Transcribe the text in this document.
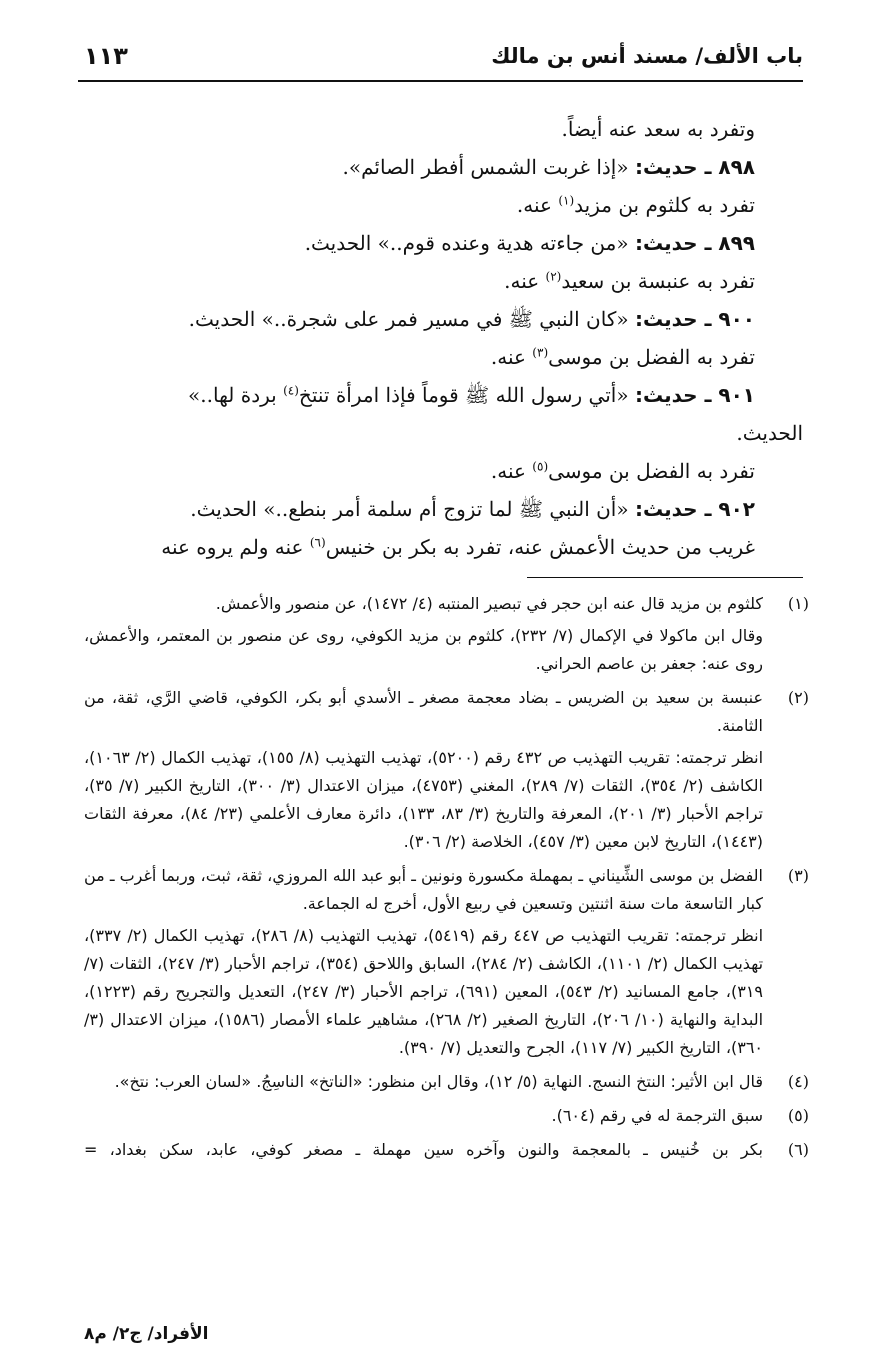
باب الألف/ مسند أنس بن مالك
١١٣
وتفرد به سعد عنه أيضاً.
٨٩٨ ـ حديث: «إذا غربت الشمس أفطر الصائم».
تفرد به كلثوم بن مزيد$^{(١)}$ عنه.
٨٩٩ ـ حديث: «من جاءته هدية وعنده قوم..» الحديث.
تفرد به عنبسة بن سعيد$^{(٢)}$ عنه.
٩٠٠ ـ حديث: «كان النبي ﷺ في مسير فمر على شجرة..» الحديث.
تفرد به الفضل بن موسى$^{(٣)}$ عنه.
٩٠١ ـ حديث: «أتي رسول الله ﷺ قوماً فإذا امرأة تنتخ$^{(٤)}$ بردة لها..»
الحديث.
تفرد به الفضل بن موسى$^{(٥)}$ عنه.
٩٠٢ ـ حديث: «أن النبي ﷺ لما تزوج أم سلمة أمر بنطع..» الحديث.
غريب من حديث الأعمش عنه، تفرد به بكر بن خنيس$^{(٦)}$ عنه ولم يروه عنه
(١)

كلثوم بن مزيد قال عنه ابن حجر في تبصير المنتبه (٤/ ١٤٧٢)، عن منصور والأعمش.

وقال ابن ماكولا في الإكمال (٧/ ٢٣٢)، كلثوم بن مزيد الكوفي، روى عن منصور بن المعتمر، والأعمش، روى عنه: جعفر بن عاصم الحراني.

(٢)

عنبسة بن سعيد بن الضريس ـ بضاد معجمة مصغر ـ الأسدي أبو بكر، الكوفي، قاضي الرَّي، ثقة، من الثامنة.

انظر ترجمته: تقريب التهذيب ص ٤٣٢ رقم (٥٢٠٠)، تهذيب التهذيب (٨/ ١٥٥)، تهذيب الكمال (٢/ ١٠٦٣)، الكاشف (٢/ ٣٥٤)، الثقات (٧/ ٢٨٩)، المغني (٤٧٥٣)، ميزان الاعتدال (٣/ ٣٠٠)، التاريخ الكبير (٧/ ٣٥)، تراجم الأحبار (٣/ ٢٠١)، المعرفة والتاريخ (٣/ ٨٣، ١٣٣)، دائرة معارف الأعلمي (٢٣/ ٨٤)، معرفة الثقات (١٤٤٣)، التاريخ لابن معين (٣/ ٤٥٧)، الخلاصة (٢/ ٣٠٦).

(٣)

الفضل بن موسى الشِّيناني ـ بمهملة مكسورة ونونين ـ أبو عبد الله المروزي، ثقة، ثبت، وربما أغرب ـ من كبار التاسعة مات سنة اثنتين وتسعين في ربيع الأول، أخرج له الجماعة.

انظر ترجمته: تقريب التهذيب ص ٤٤٧ رقم (٥٤١٩)، تهذيب التهذيب (٨/ ٢٨٦)، تهذيب الكمال (٢/ ٣٣٧)، تهذيب الكمال (٢/ ١١٠١)، الكاشف (٢/ ٢٨٤)، السابق واللاحق (٣٥٤)، تراجم الأحبار (٣/ ٢٤٧)، الثقات (٧/ ٣١٩)، جامع المسانيد (٢/ ٥٤٣)، المعين (٦٩١)، تراجم الأحبار (٣/ ٢٤٧)، التعديل والتجريح رقم (١٢٢٣)، البداية والنهاية (١٠/ ٢٠٦)، التاريخ الصغير (٢/ ٢٦٨)، مشاهير علماء الأمصار (١٥٨٦)، ميزان الاعتدال (٣/ ٣٦٠)، التاريخ الكبير (٧/ ١١٧)، الجرح والتعديل (٧/ ٣٩٠).

(٤)

قال ابن الأثير: النتخ النسج. النهاية (٥/ ١٢)، وقال ابن منظور: «الناتخ» الناسِجُ. «لسان العرب: نتخ».

(٥)

سبق الترجمة له في رقم (٦٠٤).

(٦)

بكر بن خُنيس ـ بالمعجمة والنون وآخره سين مهملة ـ مصغر كوفي، عابد، سكن بغداد، =

الأفراد/ ج٢/ م٨
